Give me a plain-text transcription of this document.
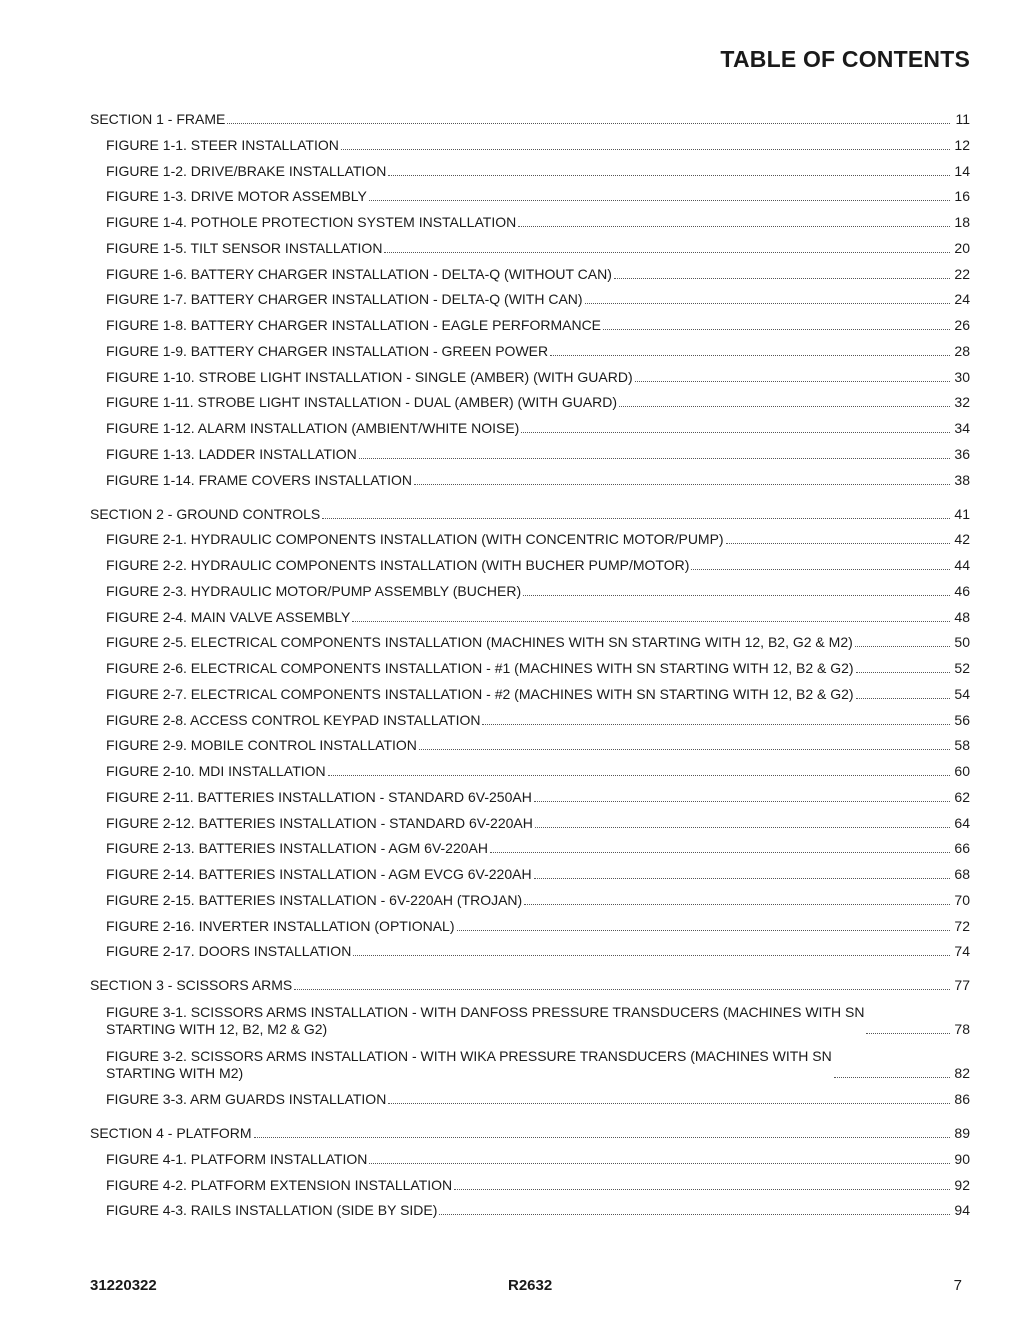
TABLE OF CONTENTS
SECTION 1 - FRAME	11
FIGURE 1-1. STEER INSTALLATION	12
FIGURE 1-2. DRIVE/BRAKE INSTALLATION	14
FIGURE 1-3. DRIVE MOTOR ASSEMBLY	16
FIGURE 1-4. POTHOLE PROTECTION SYSTEM INSTALLATION	18
FIGURE 1-5. TILT SENSOR INSTALLATION	20
FIGURE 1-6. BATTERY CHARGER INSTALLATION - DELTA-Q (WITHOUT CAN)	22
FIGURE 1-7. BATTERY CHARGER INSTALLATION - DELTA-Q (WITH CAN)	24
FIGURE 1-8. BATTERY CHARGER INSTALLATION - EAGLE PERFORMANCE	26
FIGURE 1-9. BATTERY CHARGER INSTALLATION - GREEN POWER	28
FIGURE 1-10. STROBE LIGHT INSTALLATION - SINGLE (AMBER) (WITH GUARD)	30
FIGURE 1-11. STROBE LIGHT INSTALLATION - DUAL (AMBER) (WITH GUARD)	32
FIGURE 1-12. ALARM INSTALLATION (AMBIENT/WHITE NOISE)	34
FIGURE 1-13. LADDER INSTALLATION	36
FIGURE 1-14. FRAME COVERS INSTALLATION	38
SECTION 2 - GROUND CONTROLS	41
FIGURE 2-1. HYDRAULIC COMPONENTS INSTALLATION (WITH CONCENTRIC MOTOR/PUMP)	42
FIGURE 2-2. HYDRAULIC COMPONENTS INSTALLATION (WITH BUCHER PUMP/MOTOR)	44
FIGURE 2-3. HYDRAULIC MOTOR/PUMP ASSEMBLY (BUCHER)	46
FIGURE 2-4. MAIN VALVE ASSEMBLY	48
FIGURE 2-5. ELECTRICAL COMPONENTS INSTALLATION (MACHINES WITH SN STARTING WITH 12, B2, G2 & M2)	50
FIGURE 2-6. ELECTRICAL COMPONENTS INSTALLATION - #1 (MACHINES WITH SN STARTING WITH 12, B2 & G2)	52
FIGURE 2-7. ELECTRICAL COMPONENTS INSTALLATION - #2 (MACHINES WITH SN STARTING WITH 12, B2 & G2)	54
FIGURE 2-8. ACCESS CONTROL KEYPAD INSTALLATION	56
FIGURE 2-9. MOBILE CONTROL INSTALLATION	58
FIGURE 2-10. MDI INSTALLATION	60
FIGURE 2-11. BATTERIES INSTALLATION - STANDARD 6V-250AH	62
FIGURE 2-12. BATTERIES INSTALLATION - STANDARD 6V-220AH	64
FIGURE 2-13. BATTERIES INSTALLATION - AGM 6V-220AH	66
FIGURE 2-14. BATTERIES INSTALLATION - AGM EVCG 6V-220AH	68
FIGURE 2-15. BATTERIES INSTALLATION - 6V-220AH (TROJAN)	70
FIGURE 2-16. INVERTER INSTALLATION (OPTIONAL)	72
FIGURE 2-17. DOORS INSTALLATION	74
SECTION 3 - SCISSORS ARMS	77
FIGURE 3-1. SCISSORS ARMS INSTALLATION - WITH DANFOSS PRESSURE TRANSDUCERS (MACHINES WITH SN
STARTING WITH 12, B2, M2 & G2)	78
FIGURE 3-2. SCISSORS ARMS INSTALLATION - WITH WIKA PRESSURE TRANSDUCERS (MACHINES WITH SN
STARTING WITH M2)	82
FIGURE 3-3. ARM GUARDS INSTALLATION	86
SECTION 4 - PLATFORM	89
FIGURE 4-1. PLATFORM INSTALLATION	90
FIGURE 4-2. PLATFORM EXTENSION INSTALLATION	92
FIGURE 4-3. RAILS INSTALLATION (SIDE BY SIDE)	94
31220322	R2632	7
